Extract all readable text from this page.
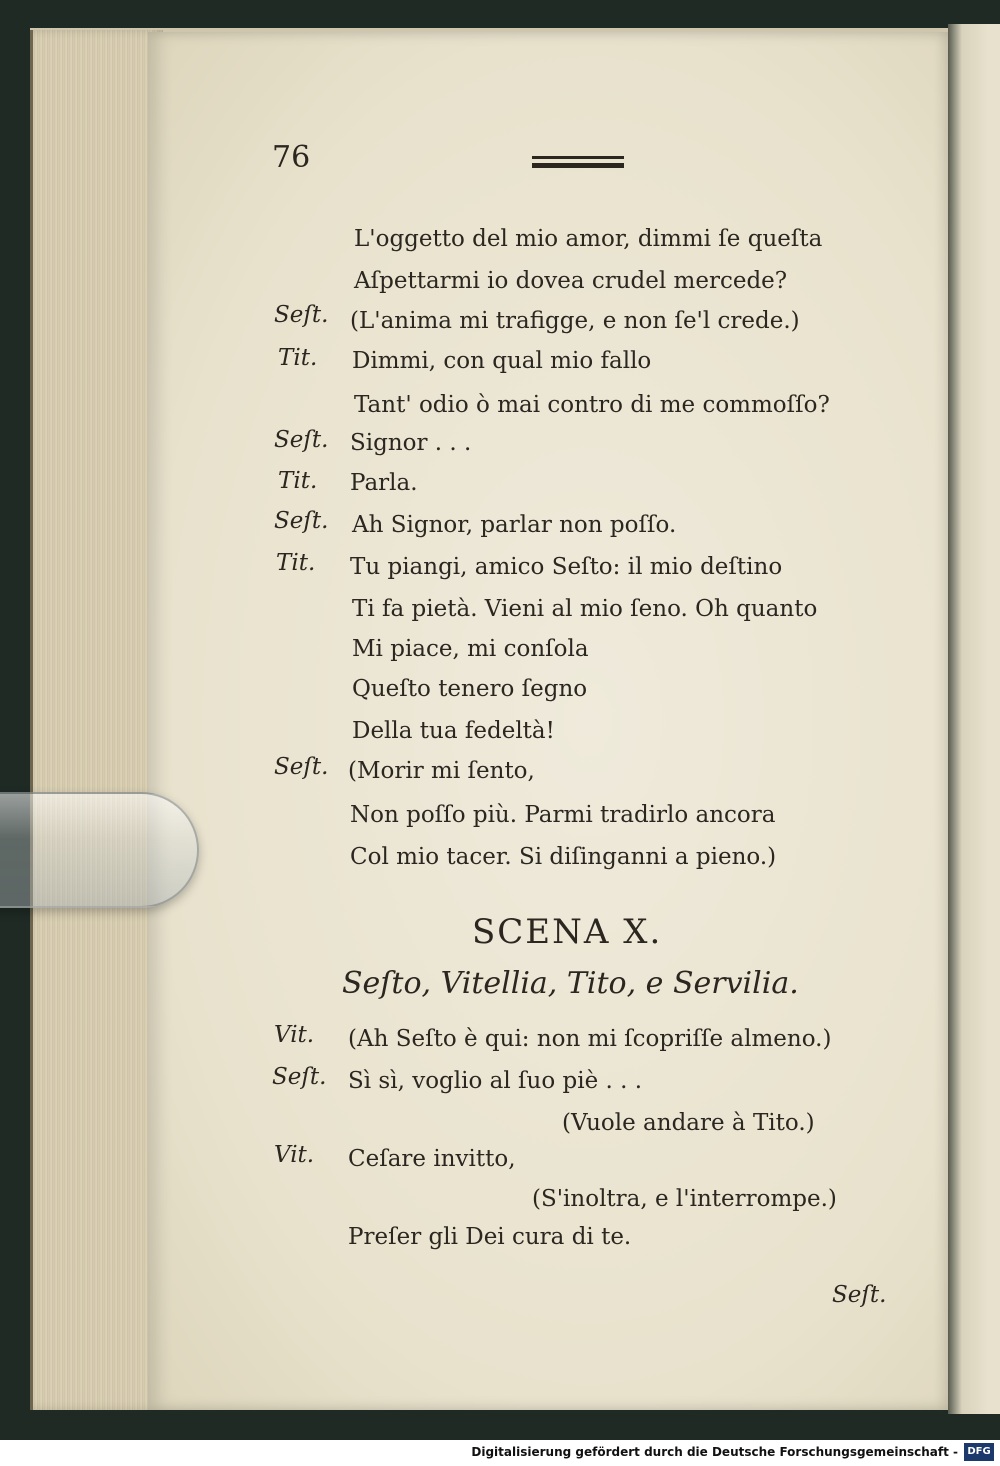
76
Seſt.
Tit.
Seſt.
Tit.
Seſt.
Tit.
Seſt.
L'oggetto del mio amor, dimmi ſe queſta
Aſpettarmi io dovea crudel mercede?
(L'anima mi trafigge, e non ſe'l crede.)
Dimmi, con qual mio fallo
Tant' odio ò mai contro di me commoſſo?
Signor . . .
Parla.
Ah Signor, parlar non poſſo.
Tu piangi, amico Seſto: il mio deſtino
Ti fa pietà. Vieni al mio ſeno. Oh quanto
Mi piace, mi conſola
Queſto tenero ſegno
Della tua fedeltà!
(Morir mi ſento,
Non poſſo più. Parmi tradirlo ancora
Col mio tacer. Si diſinganni a pieno.)
SCENA X.
Seſto, Vitellia, Tito, e Servilia.
Vit.
Seſt.
Vit.
(Ah Seſto è qui: non mi ſcopriſſe almeno.)
Sì sì, voglio al ſuo piè . . .
(Vuole andare à Tito.)
Ceſare invitto,
(S'inoltra, e l'interrompe.)
Preſer gli Dei cura di te.
Seſt.
Digitalisierung gefördert durch die Deutsche Forschungsgemeinschaft - DFG
